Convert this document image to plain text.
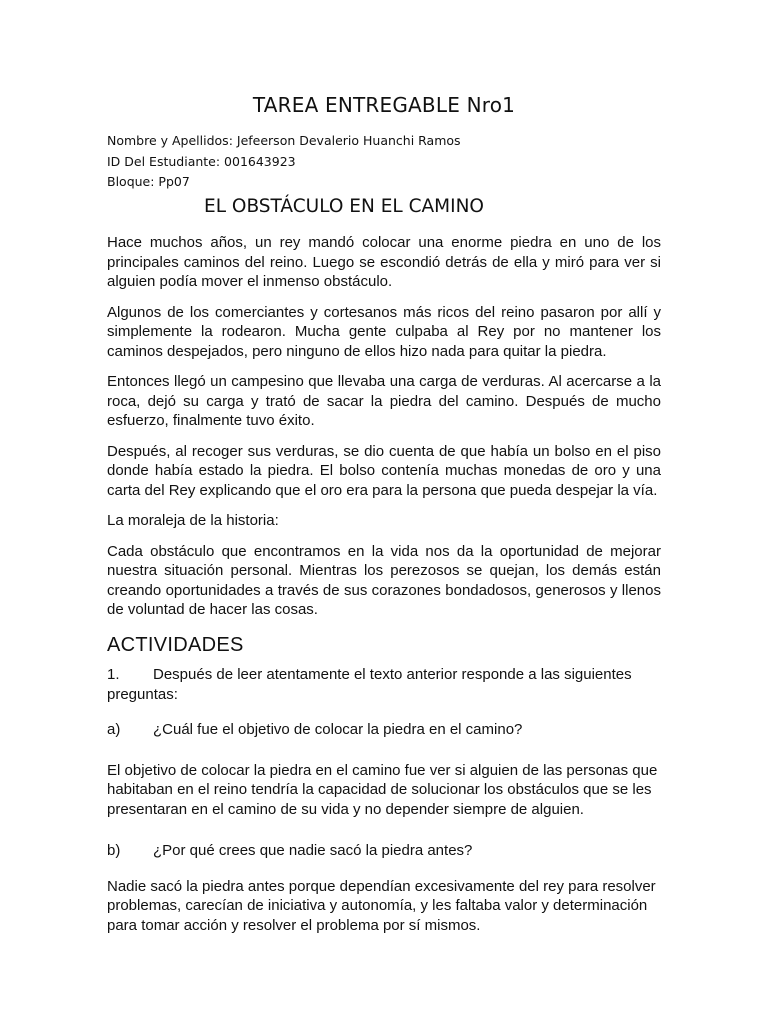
TAREA ENTREGABLE Nro1
Nombre y Apellidos: Jefeerson Devalerio Huanchi Ramos
ID Del Estudiante: 001643923
Bloque: Pp07
EL OBSTÁCULO EN EL CAMINO

Hace muchos años, un rey mandó colocar una enorme piedra en uno de los principales caminos del reino. Luego se escondió detrás de ella y miró para ver si alguien podía mover el inmenso obstáculo.

Algunos de los comerciantes y cortesanos más ricos del reino pasaron por allí y simplemente la rodearon. Mucha gente culpaba al Rey por no mantener los caminos despejados, pero ninguno de ellos hizo nada para quitar la piedra.

Entonces llegó un campesino que llevaba una carga de verduras. Al acercarse a la roca, dejó su carga y trató de sacar la piedra del camino. Después de mucho esfuerzo, finalmente tuvo éxito.

Después, al recoger sus verduras, se dio cuenta de que había un bolso en el piso donde había estado la piedra. El bolso contenía muchas monedas de oro y una carta del Rey explicando que el oro era para la persona que pueda despejar la vía.

La moraleja de la historia:

Cada obstáculo que encontramos en la vida nos da la oportunidad de mejorar nuestra situación personal. Mientras los perezosos se quejan, los demás están creando oportunidades a través de sus corazones bondadosos, generosos y llenos de voluntad de hacer las cosas.

ACTIVIDADES
1. Después de leer atentamente el texto anterior responde a las siguientes preguntas:
a)	¿Cuál fue el objetivo de colocar la piedra en el camino?

El objetivo de colocar la piedra en el camino fue ver si alguien de las personas que habitaban en el reino tendría la capacidad de solucionar los obstáculos que se les presentaran en el camino de su vida y no depender siempre de alguien.

b)	¿Por qué crees que nadie sacó la piedra antes?

Nadie sacó la piedra antes porque dependían excesivamente del rey para resolver problemas, carecían de iniciativa y autonomía, y les faltaba valor y determinación para tomar acción y resolver el problema por sí mismos.
